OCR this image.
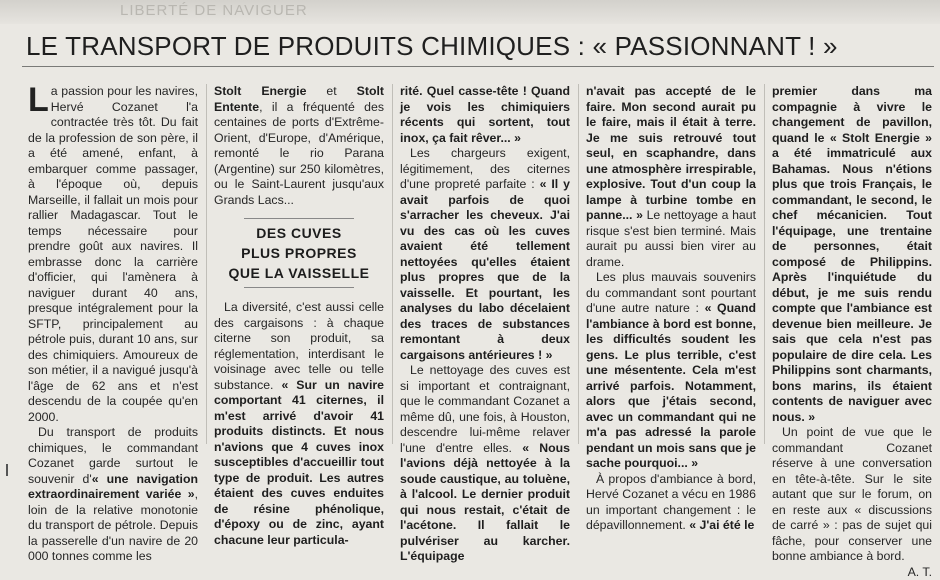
LIBERTÉ DE NAVIGUER
LE TRANSPORT DE PRODUITS CHIMIQUES : « PASSIONNANT ! »

La passion pour les navires, Hervé Cozanet l'a contractée très tôt. Du fait de la profession de son père, il a été amené, enfant, à embarquer comme passager, à l'époque où, depuis Marseille, il fallait un mois pour rallier Madagascar. Tout le temps nécessaire pour prendre goût aux navires. Il embrasse donc la carrière d'officier, qui l'amènera à naviguer durant 40 ans, presque intégralement pour la SFTP, principalement au pétrole puis, durant 10 ans, sur des chimiquiers. Amoureux de son métier, il a navigué jusqu'à l'âge de 62 ans et n'est descendu de la coupée qu'en 2000.

Du transport de produits chimiques, le commandant Cozanet garde surtout le souvenir d'« une navigation extraordinairement variée », loin de la relative monotonie du transport de pétrole. Depuis la passerelle d'un navire de 20 000 tonnes comme les

Stolt Energie et Stolt Entente, il a fréquenté des centaines de ports d'Extrême-Orient, d'Europe, d'Amérique, remonté le rio Parana (Argentine) sur 250 kilomètres, ou le Saint-Laurent jusqu'aux Grands Lacs...

DES CUVES
PLUS PROPRES
QUE LA VAISSELLE

La diversité, c'est aussi celle des cargaisons : à chaque citerne son produit, sa réglementation, interdisant le voisinage avec telle ou telle substance. « Sur un navire comportant 41 citernes, il m'est arrivé d'avoir 41 produits distincts. Et nous n'avions que 4 cuves inox susceptibles d'accueillir tout type de produit. Les autres étaient des cuves enduites de résine phénolique, d'époxy ou de zinc, ayant chacune leur particula-

rité. Quel casse-tête ! Quand je vois les chimiquiers récents qui sortent, tout inox, ça fait rêver... »

Les chargeurs exigent, légitimement, des citernes d'une propreté parfaite : « Il y avait parfois de quoi s'arracher les cheveux. J'ai vu des cas où les cuves avaient été tellement nettoyées qu'elles étaient plus propres que de la vaisselle. Et pourtant, les analyses du labo décelaient des traces de substances remontant à deux cargaisons antérieures ! »

Le nettoyage des cuves est si important et contraignant, que le commandant Cozanet a même dû, une fois, à Houston, descendre lui-même relaver l'une d'entre elles. « Nous l'avions déjà nettoyée à la soude caustique, au toluène, à l'alcool. Le dernier produit qui nous restait, c'était de l'acétone. Il fallait le pulvériser au karcher. L'équipage

n'avait pas accepté de le faire. Mon second aurait pu le faire, mais il était à terre. Je me suis retrouvé tout seul, en scaphandre, dans une atmosphère irrespirable, explosive. Tout d'un coup la lampe à turbine tombe en panne... » Le nettoyage a haut risque s'est bien terminé. Mais aurait pu aussi bien virer au drame.

Les plus mauvais souvenirs du commandant sont pourtant d'une autre nature : « Quand l'ambiance à bord est bonne, les difficultés soudent les gens. Le plus terrible, c'est une mésentente. Cela m'est arrivé parfois. Notamment, alors que j'étais second, avec un commandant qui ne m'a pas adressé la parole pendant un mois sans que je sache pourquoi... »

À propos d'ambiance à bord, Hervé Cozanet a vécu en 1986 un important changement : le dépavillonnement. « J'ai été le

premier dans ma compagnie à vivre le changement de pavillon, quand le « Stolt Energie » a été immatriculé aux Bahamas. Nous n'étions plus que trois Français, le commandant, le second, le chef mécanicien. Tout l'équipage, une trentaine de personnes, était composé de Philippins. Après l'inquiétude du début, je me suis rendu compte que l'ambiance est devenue bien meilleure. Je sais que cela n'est pas populaire de dire cela. Les Philippins sont charmants, bons marins, ils étaient contents de naviguer avec nous. »

Un point de vue que le commandant Cozanet réserve à une conversation en tête-à-tête. Sur le site autant que sur le forum, on en reste aux « discussions de carré » : pas de sujet qui fâche, pour conserver une bonne ambiance à bord.

A. T.
